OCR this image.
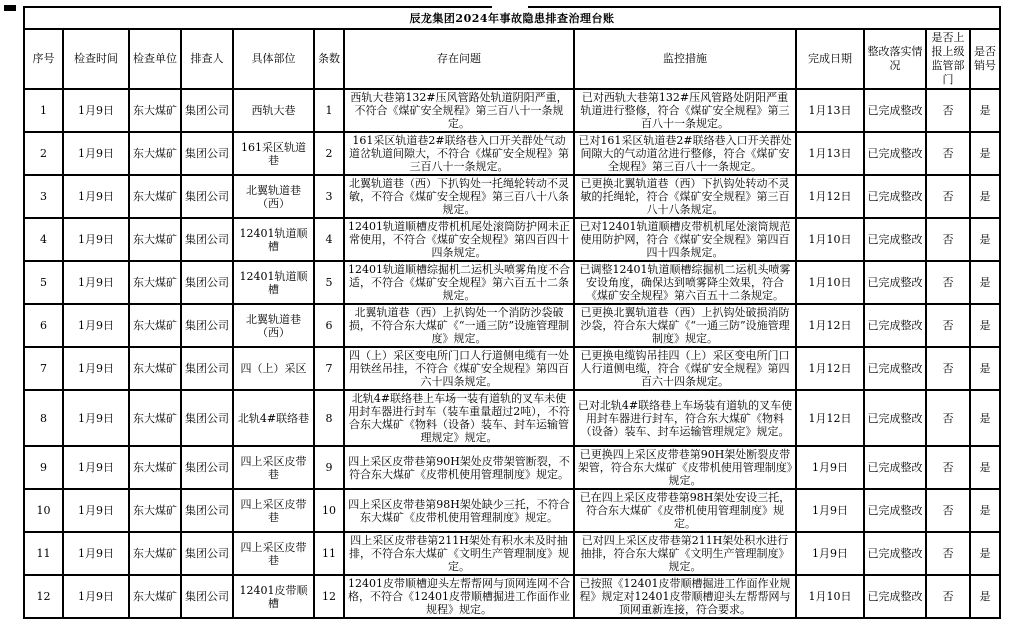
辰龙集团2024年事故隐患排查治理台账											
序号	检查时间	检查单位	排查人	具体部位	条数	存在问题	监控措施	完成日期	整改落实情况	是否上报上级监管部门	是否销号
1	1月9日	东大煤矿	集团公司	西轨大巷	1	西轨大巷第132#压风管路处轨道阴阳严重，不符合《煤矿安全规程》第三百八十一条规定。	已对西轨大巷第132#压风管路处阴阳严重轨道进行整修，符合《煤矿安全规程》第三百八十一条规定。	1月13日	已完成整改	否	是
2	1月9日	东大煤矿	集团公司	161采区轨道巷	2	161采区轨道巷2#联络巷入口开关群处气动道岔轨道间隙大，不符合《煤矿安全规程》第三百八十一条规定。	已对161采区轨道巷2#联络巷入口开关群处间隙大的气动道岔进行整修，符合《煤矿安全规程》第三百八十一条规定。	1月13日	已完成整改	否	是
3	1月9日	东大煤矿	集团公司	北翼轨道巷（西）	3	北翼轨道巷（西）下扒钩处一托绳轮转动不灵敏，不符合《煤矿安全规程》第三百八十八条规定。	已更换北翼轨道巷（西）下扒钩处转动不灵敏的托绳轮，符合《煤矿安全规程》第三百八十八条规定。	1月12日	已完成整改	否	是
4	1月9日	东大煤矿	集团公司	12401轨道顺槽	4	12401轨道顺槽皮带机机尾处滚筒防护网未正常使用，不符合《煤矿安全规程》第四百四十四条规定。	已对12401轨道顺槽皮带机机尾处滚筒规范使用防护网，符合《煤矿安全规程》第四百四十四条规定。	1月10日	已完成整改	否	是
5	1月9日	东大煤矿	集团公司	12401轨道顺槽	5	12401轨道顺槽综掘机二运机头喷雾角度不合适，不符合《煤矿安全规程》第六百五十二条规定。	已调整12401轨道顺槽综掘机二运机头喷雾安设角度，确保达到喷雾降尘效果，符合《煤矿安全规程》第六百五十二条规定。	1月10日	已完成整改	否	是
6	1月9日	东大煤矿	集团公司	北翼轨道巷（西）	6	北翼轨道巷（西）上扒钩处一个消防沙袋破损，不符合东大煤矿《“一通三防”设施管理制度》规定。	已更换北翼轨道巷（西）上扒钩处破损消防沙袋，符合东大煤矿《“一通三防”设施管理制度》规定。	1月12日	已完成整改	否	是
7	1月9日	东大煤矿	集团公司	四（上）采区	7	四（上）采区变电所门口人行道侧电缆有一处用铁丝吊挂，不符合《煤矿安全规程》第四百六十四条规定。	已更换电缆钩吊挂四（上）采区变电所门口人行道侧电缆，符合《煤矿安全规程》第四百六十四条规定。	1月12日	已完成整改	否	是
8	1月9日	东大煤矿	集团公司	北轨4#联络巷	8	北轨4#联络巷上车场一装有道轨的叉车未使用封车器进行封车（装车重量超过2吨），不符合东大煤矿《物料（设备）装车、封车运输管理规定》规定。	已对北轨4#联络巷上车场装有道轨的叉车使用封车器进行封车，符合东大煤矿《物料（设备）装车、封车运输管理规定》规定。	1月12日	已完成整改	否	是
9	1月9日	东大煤矿	集团公司	四上采区皮带巷	9	四上采区皮带巷第90H架处皮带架管断裂，不符合东大煤矿《皮带机使用管理制度》规定。	已更换四上采区皮带巷第90H架处断裂皮带架管，符合东大煤矿《皮带机使用管理制度》规定。	1月9日	已完成整改	否	是
10	1月9日	东大煤矿	集团公司	四上采区皮带巷	10	四上采区皮带巷第98H架处缺少三托，不符合东大煤矿《皮带机使用管理制度》规定。	已在四上采区皮带巷第98H架处安设三托，符合东大煤矿《皮带机使用管理制度》规定。	1月9日	已完成整改	否	是
11	1月9日	东大煤矿	集团公司	四上采区皮带巷	11	四上采区皮带巷第211H架处有积水未及时抽排，不符合东大煤矿《文明生产管理制度》规定。	已对四上采区皮带巷第211H架处积水进行抽排，符合东大煤矿《文明生产管理制度》规定。	1月9日	已完成整改	否	是
12	1月9日	东大煤矿	集团公司	12401皮带顺槽	12	12401皮带顺槽迎头左帮帮网与顶网连网不合格，不符合《12401皮带顺槽掘进工作面作业规程》规定。	已按照《12401皮带顺槽掘进工作面作业规程》规定对12401皮带顺槽迎头左帮帮网与顶网重新连接，符合要求。	1月10日	已完成整改	否	是
